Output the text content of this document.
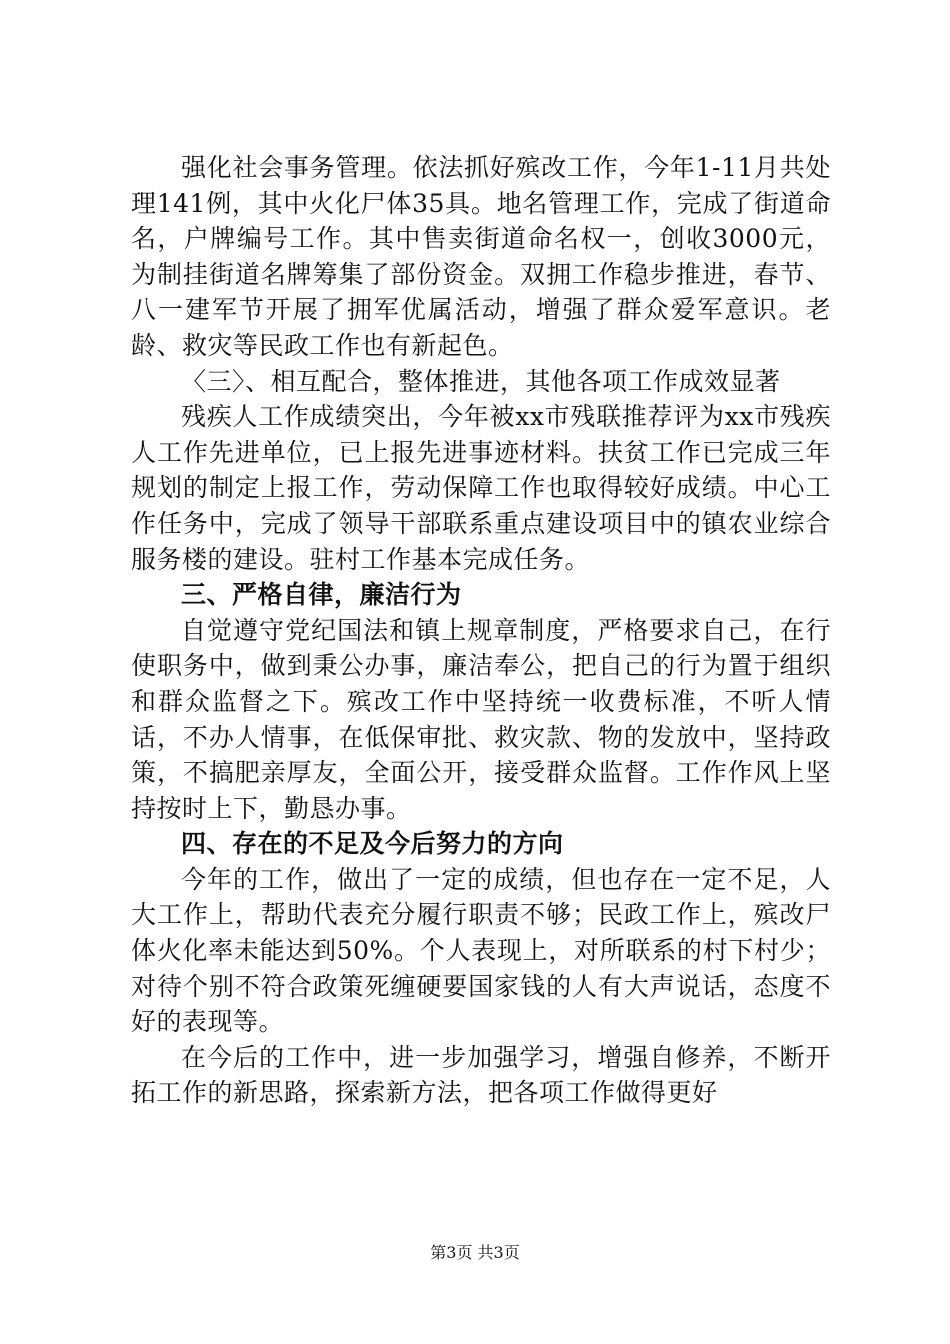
强化社会事务管理。依法抓好殡改工作，今年1-11月共处理141例，其中火化尸体35具。地名管理工作，完成了街道命名，户牌编号工作。其中售卖街道命名权一，创收3000元，为制挂街道名牌筹集了部份资金。双拥工作稳步推进，春节、八一建军节开展了拥军优属活动，增强了群众爱军意识。老龄、救灾等民政工作也有新起色。

〈三〉、相互配合，整体推进，其他各项工作成效显著

残疾人工作成绩突出，今年被xx市残联推荐评为xx市残疾人工作先进单位，已上报先进事迹材料。扶贫工作已完成三年规划的制定上报工作，劳动保障工作也取得较好成绩。中心工作任务中，完成了领导干部联系重点建设项目中的镇农业综合服务楼的建设。驻村工作基本完成任务。

三、严格自律，廉洁行为

自觉遵守党纪国法和镇上规章制度，严格要求自己，在行使职务中，做到秉公办事，廉洁奉公，把自己的行为置于组织和群众监督之下。殡改工作中坚持统一收费标准，不听人情话，不办人情事，在低保审批、救灾款、物的发放中，坚持政策，不搞肥亲厚友，全面公开，接受群众监督。工作作风上坚持按时上下，勤恳办事。

四、存在的不足及今后努力的方向

今年的工作，做出了一定的成绩，但也存在一定不足，人大工作上，帮助代表充分履行职责不够；民政工作上，殡改尸体火化率未能达到50%。个人表现上，对所联系的村下村少；对待个别不符合政策死缠硬要国家钱的人有大声说话，态度不好的表现等。

在今后的工作中，进一步加强学习，增强自修养，不断开拓工作的新思路，探索新方法，把各项工作做得更好

第3页 共3页
